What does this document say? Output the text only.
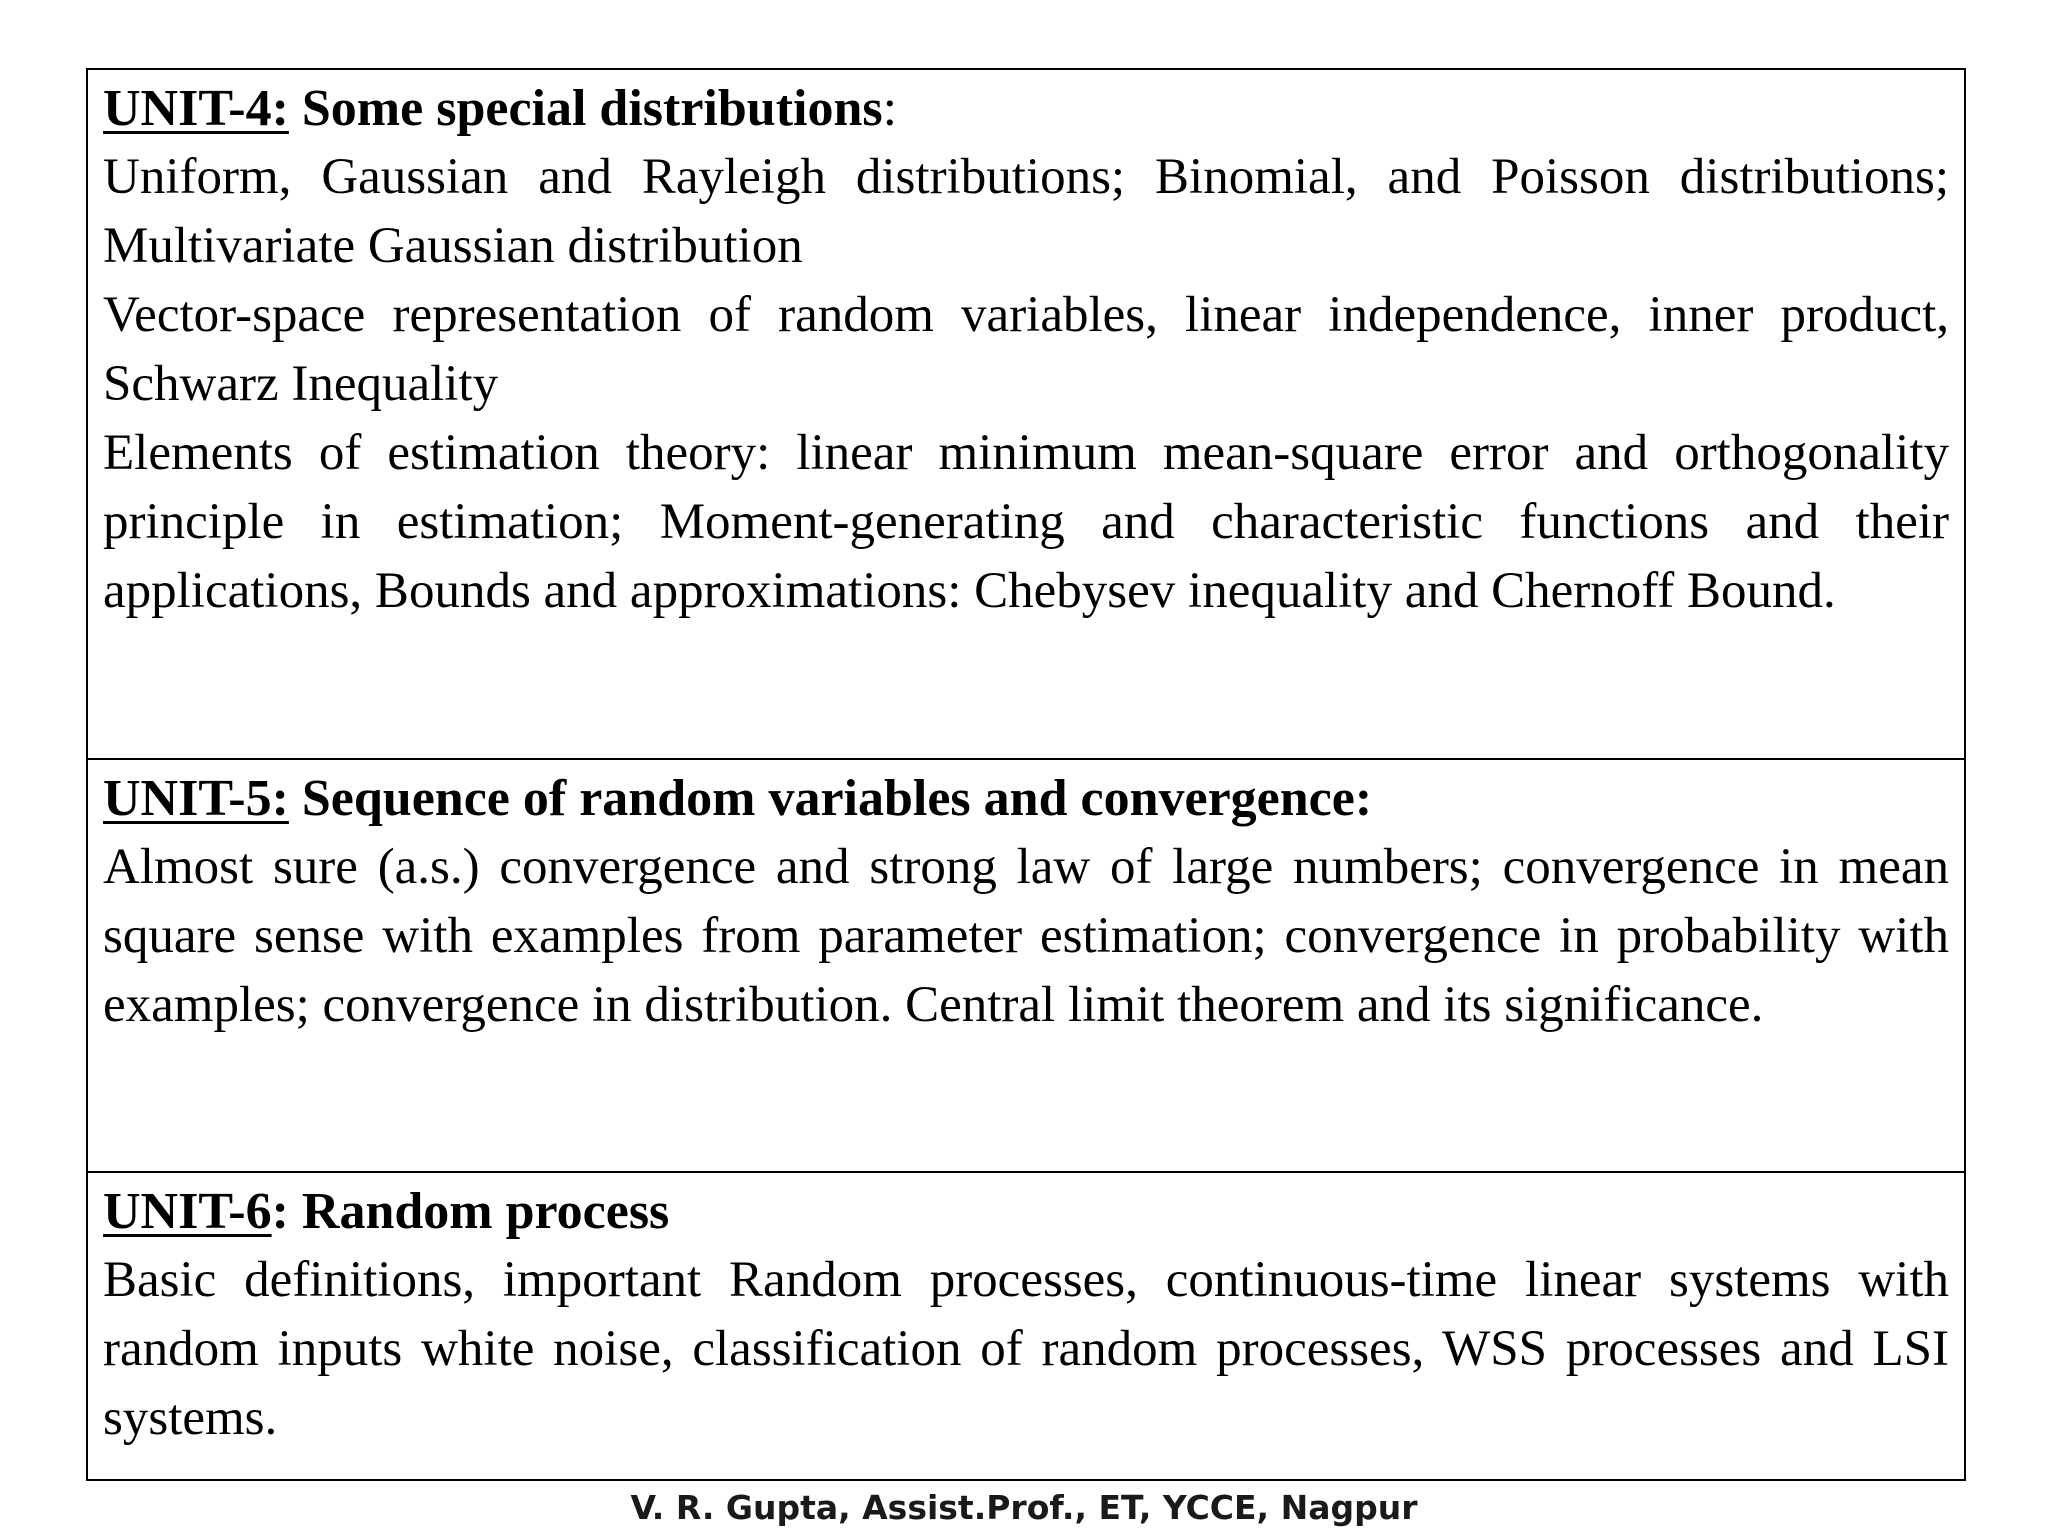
UNIT-4: Some special distributions:

Uniform, Gaussian and Rayleigh distributions; Binomial, and Poisson distributions; Multivariate Gaussian distribution

Vector-space representation of random variables, linear independence, inner product, Schwarz Inequality

Elements of estimation theory: linear minimum mean-square error and orthogonality principle in estimation; Moment-generating and characteristic functions and their applications, Bounds and approximations: Chebysev inequality and Chernoff Bound.

UNIT-5: Sequence of random variables and convergence:

Almost sure (a.s.) convergence and strong law of large numbers; convergence in mean square sense with examples from parameter estimation; convergence in probability with examples; convergence in distribution. Central limit theorem and its significance.

UNIT-6: Random process

Basic definitions, important Random processes, continuous-time linear systems with random inputs white noise, classification of random processes, WSS processes and LSI systems.

V. R. Gupta, Assist.Prof., ET, YCCE, Nagpur
